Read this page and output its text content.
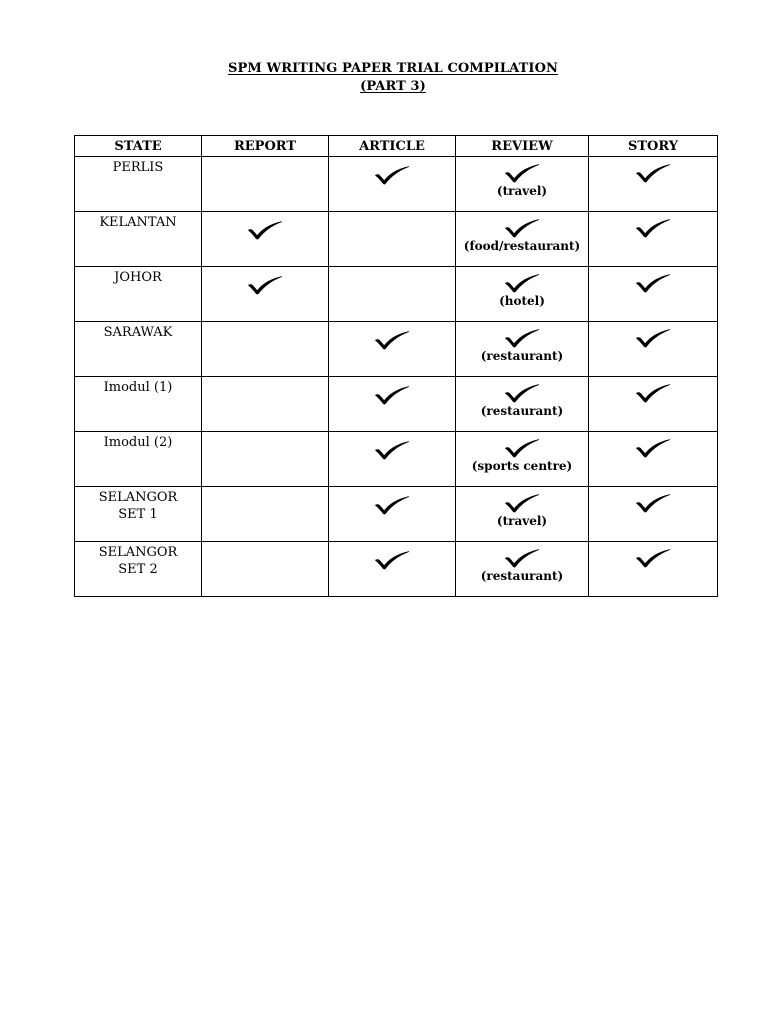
SPM WRITING PAPER TRIAL COMPILATION
(PART 3)
STATE	REPORT	ARTICLE	REVIEW	STORY

PERLIS			(travel)

KELANTAN			(food/restaurant)

JOHOR			(hotel)

SARAWAK			(restaurant)

Imodul (1)			(restaurant)

Imodul (2)			(sports centre)

SELANGOR
SET 1			(travel)

SELANGOR
SET 2			(restaurant)
